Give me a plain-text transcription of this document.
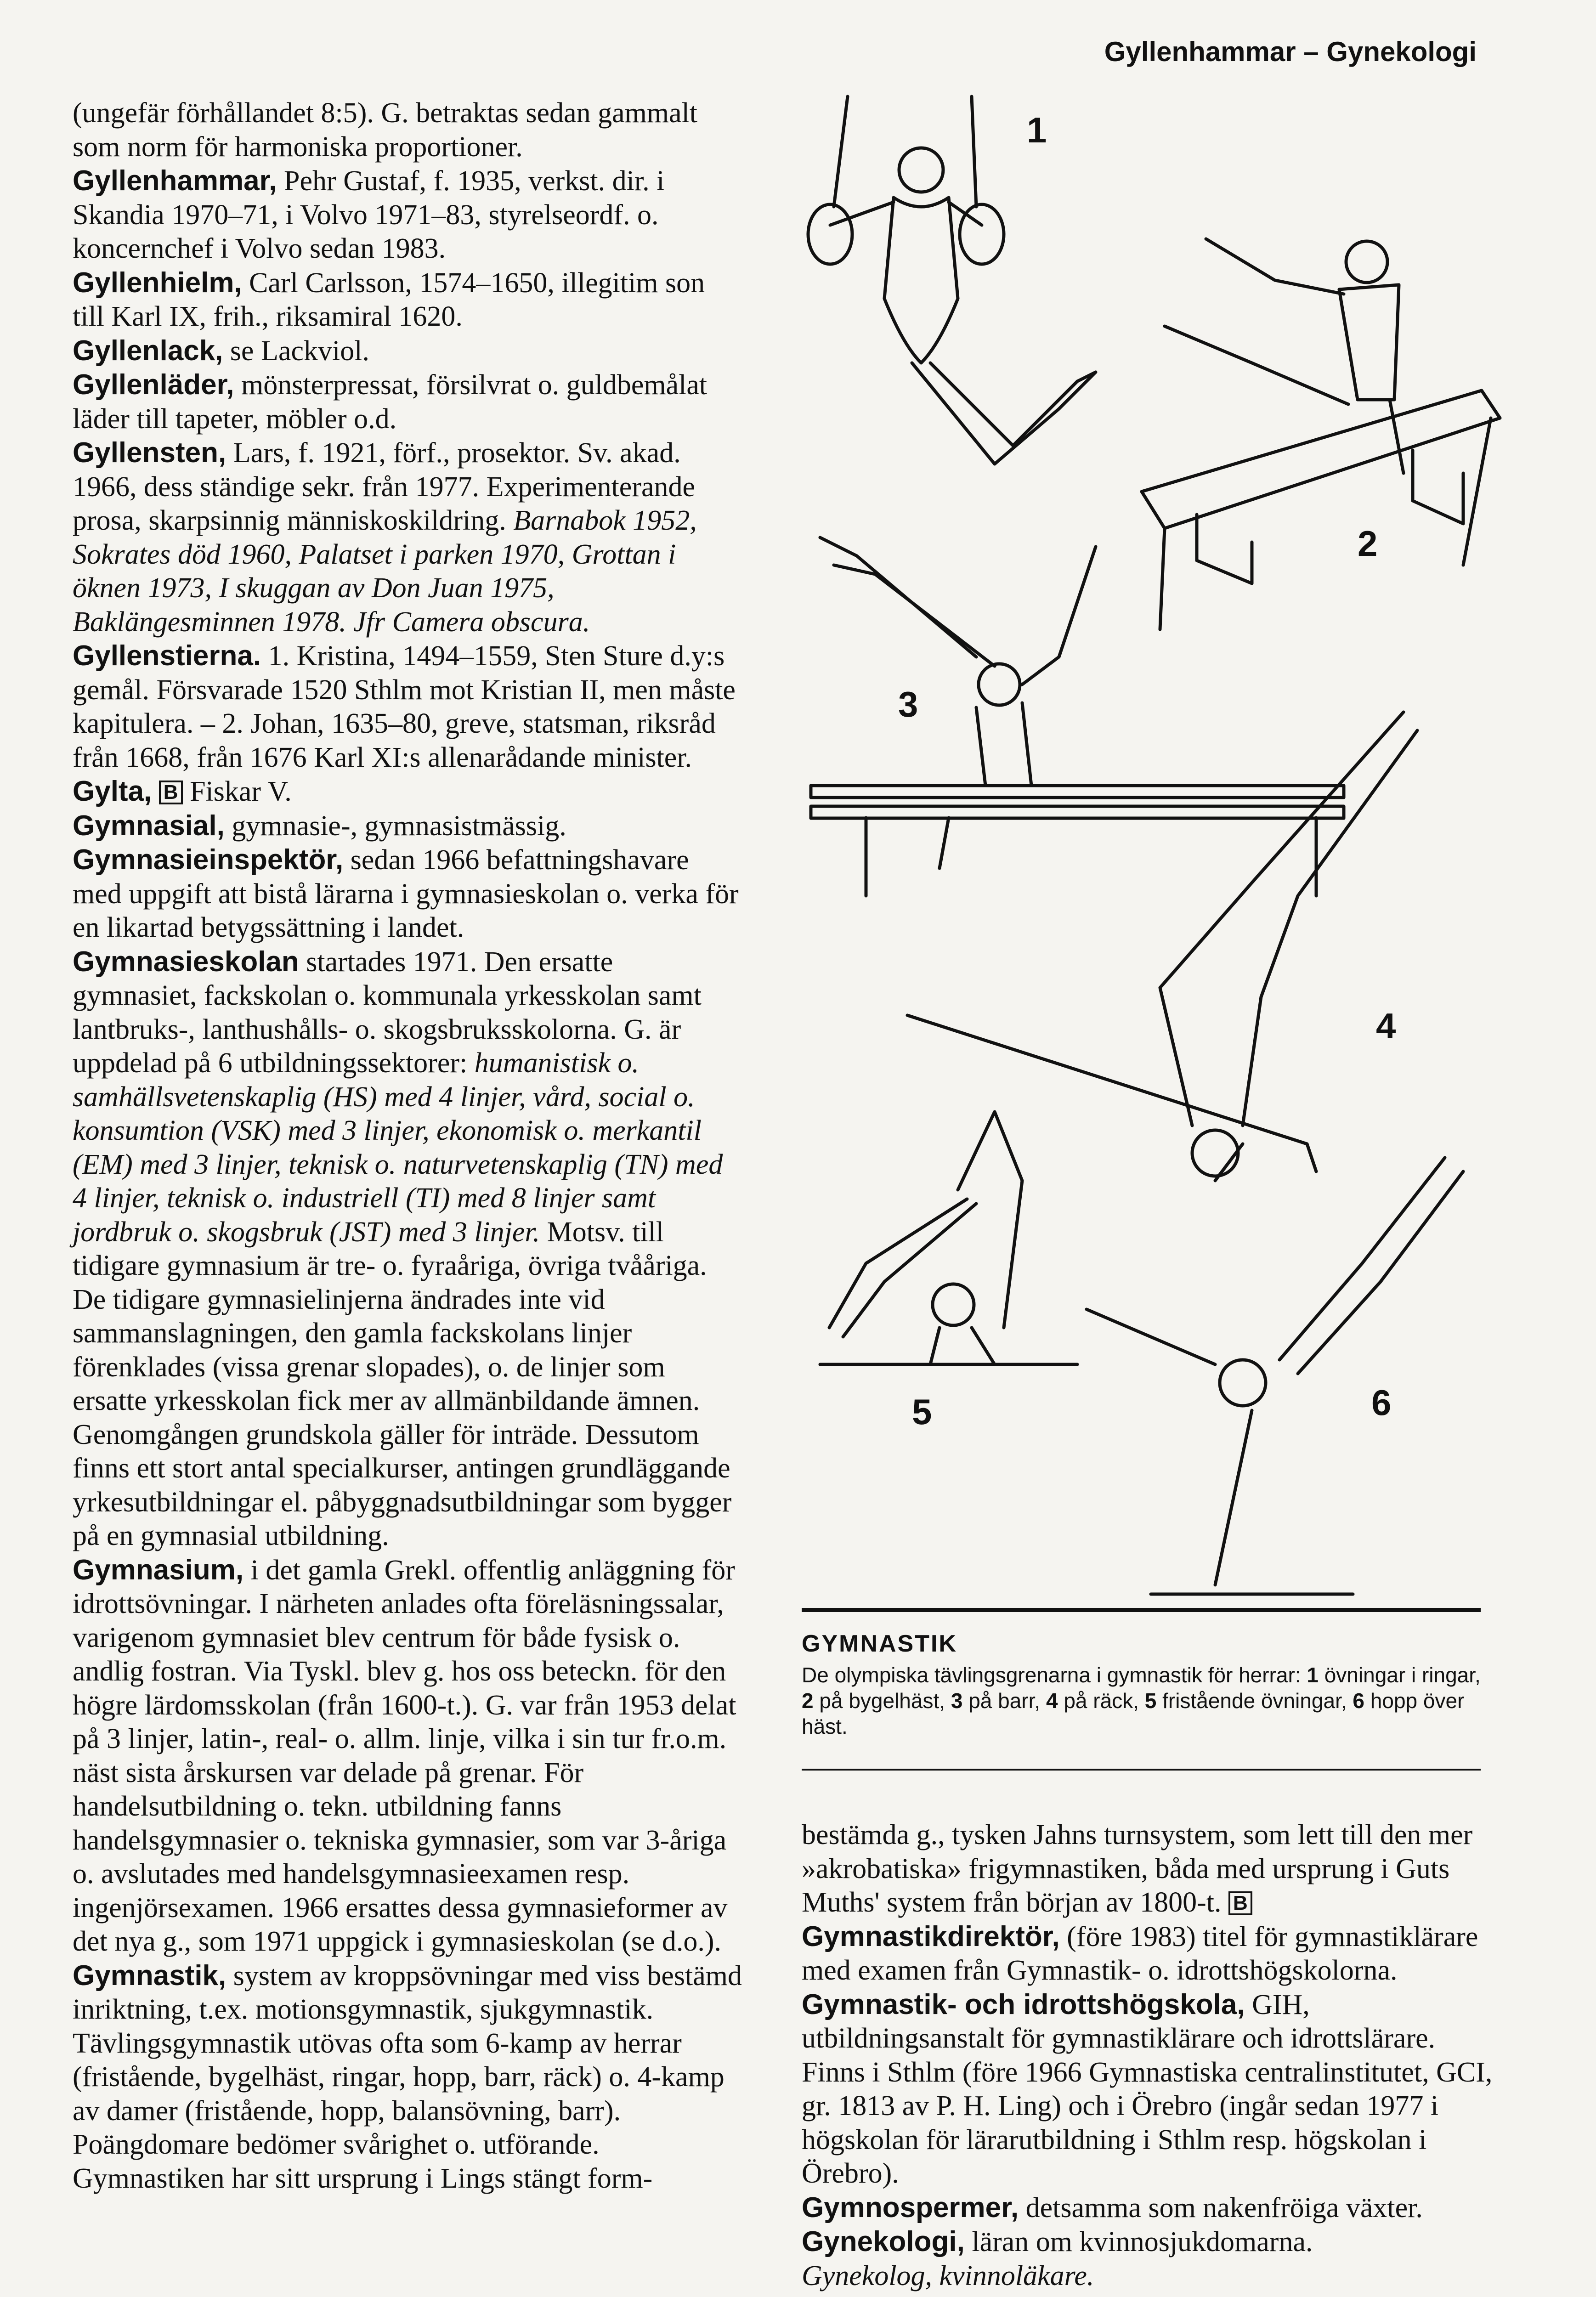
Gyllenhammar – Gynekologi

(ungefär förhållandet 8:5). G. betraktas sedan gammalt som norm för harmoniska proportioner.

Gyllenhammar, Pehr Gustaf, f. 1935, verkst. dir. i Skandia 1970–71, i Volvo 1971–83, styrelseordf. o. koncernchef i Volvo sedan 1983.

Gyllenhielm, Carl Carlsson, 1574–1650, illegitim son till Karl IX, frih., riksamiral 1620.

Gyllenlack, se Lackviol.

Gyllenläder, mönsterpressat, försilvrat o. guldbemålat läder till tapeter, möbler o.d.

Gyllensten, Lars, f. 1921, förf., prosektor. Sv. akad. 1966, dess ständige sekr. från 1977. Experimenterande prosa, skarpsinnig människoskildring. Barnabok 1952, Sokrates död 1960, Palatset i parken 1970, Grottan i öknen 1973, I skuggan av Don Juan 1975, Baklängesminnen 1978. Jfr Camera obscura.

Gyllenstierna. 1. Kristina, 1494–1559, Sten Sture d.y:s gemål. Försvarade 1520 Sthlm mot Kristian II, men måste kapitulera. – 2. Johan, 1635–80, greve, statsman, riksråd från 1668, från 1676 Karl XI:s allenarådande minister.

Gylta, B Fiskar V.

Gymnasial, gymnasie-, gymnasistmässig.

Gymnasieinspektör, sedan 1966 befattningshavare med uppgift att bistå lärarna i gymnasieskolan o. verka för en likartad betygssättning i landet.

Gymnasieskolan startades 1971. Den ersatte gymnasiet, fackskolan o. kommunala yrkesskolan samt lantbruks-, lanthushålls- o. skogsbruksskolorna. G. är uppdelad på 6 utbildningssektorer: humanistisk o. samhällsvetenskaplig (HS) med 4 linjer, vård, social o. konsumtion (VSK) med 3 linjer, ekonomisk o. merkantil (EM) med 3 linjer, teknisk o. naturvetenskaplig (TN) med 4 linjer, teknisk o. industriell (TI) med 8 linjer samt jordbruk o. skogsbruk (JST) med 3 linjer. Motsv. till tidigare gymnasium är tre- o. fyraåriga, övriga tvååriga. De tidigare gymnasielinjerna ändrades inte vid sammanslagningen, den gamla fackskolans linjer förenklades (vissa grenar slopades), o. de linjer som ersatte yrkesskolan fick mer av allmänbildande ämnen. Genomgången grundskola gäller för inträde. Dessutom finns ett stort antal specialkurser, antingen grundläggande yrkesutbildningar el. påbyggnadsutbildningar som bygger på en gymnasial utbildning.

Gymnasium, i det gamla Grekl. offentlig anläggning för idrottsövningar. I närheten anlades ofta föreläsningssalar, varigenom gymnasiet blev centrum för både fysisk o. andlig fostran. Via Tyskl. blev g. hos oss beteckn. för den högre lärdomsskolan (från 1600-t.). G. var från 1953 delat på 3 linjer, latin-, real- o. allm. linje, vilka i sin tur fr.o.m. näst sista årskursen var delade på grenar. För handelsutbildning o. tekn. utbildning fanns handelsgymnasier o. tekniska gymnasier, som var 3-åriga o. avslutades med handelsgymnasieexamen resp. ingenjörsexamen. 1966 ersattes dessa gymnasieformer av det nya g., som 1971 uppgick i gymnasieskolan (se d.o.).

Gymnastik, system av kroppsövningar med viss bestämd inriktning, t.ex. motionsgymnastik, sjukgymnastik. Tävlingsgymnastik utövas ofta som 6-kamp av herrar (fristående, bygelhäst, ringar, hopp, barr, räck) o. 4-kamp av damer (fristående, hopp, balansövning, barr). Poängdomare bedömer svårighet o. utförande. Gymnastiken har sitt ursprung i Lings stängt form-

1
2
3
4
5	6
GYMNASTIK
De olympiska tävlingsgrenarna i gymnastik för herrar: 1 övningar i ringar, 2 på bygelhäst, 3 på barr, 4 på räck, 5 fristående övningar, 6 hopp över häst.

bestämda g., tysken Jahns turnsystem, som lett till den mer »akrobatiska» frigymnastiken, båda med ursprung i Guts Muths' system från början av 1800-t. B

Gymnastikdirektör, (före 1983) titel för gymnastiklärare med examen från Gymnastik- o. idrottshögskolorna.

Gymnastik- och idrottshögskola, GIH, utbildningsanstalt för gymnastiklärare och idrottslärare. Finns i Sthlm (före 1966 Gymnastiska centralinstitutet, GCI, gr. 1813 av P. H. Ling) och i Örebro (ingår sedan 1977 i högskolan för lärarutbildning i Sthlm resp. högskolan i Örebro).

Gymnospermer, detsamma som nakenfröiga växter.

Gynekologi, läran om kvinnosjukdomarna.
Gynekolog, kvinnoläkare.
